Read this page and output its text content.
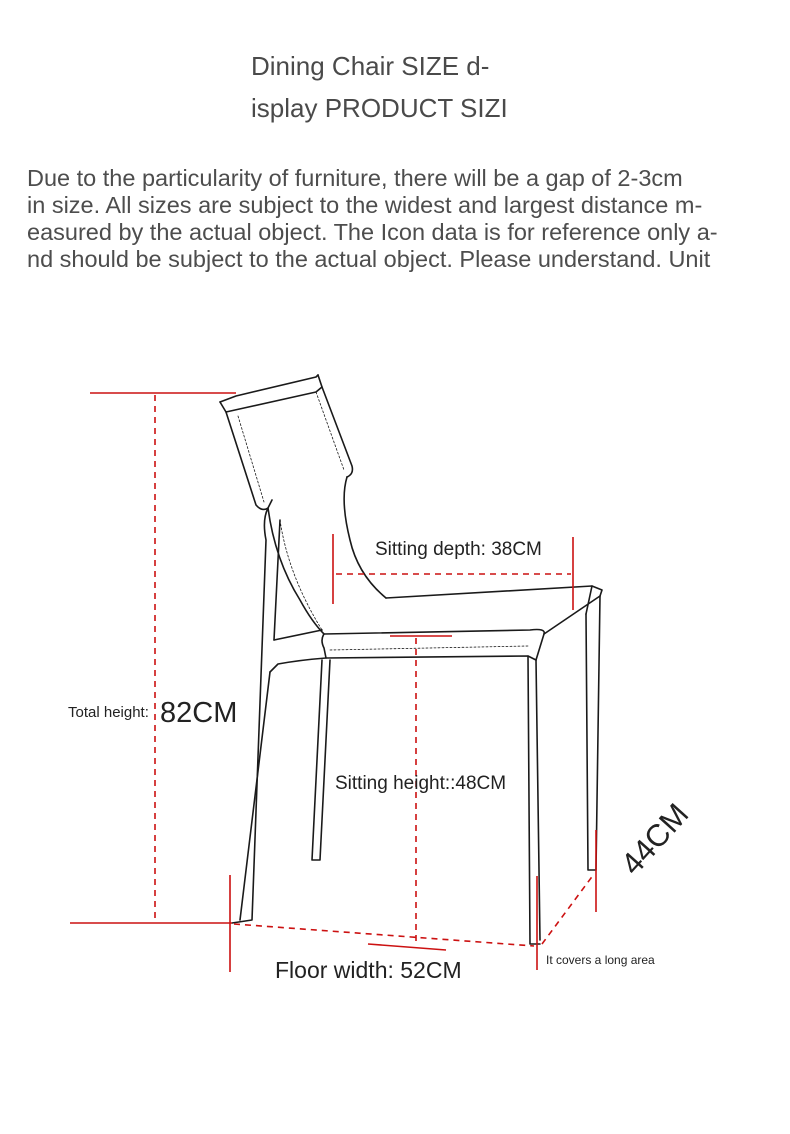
Dining Chair SIZE d-
isplay PRODUCT SIZI
Due to the particularity of furniture, there will be a gap of 2-3cm
in size. All sizes are subject to the widest and largest distance m-
easured by the actual object. The Icon data is for reference only a-
nd should be subject to the actual object. Please understand. Unit
Sitting depth: 38CM
Total height: 82CM
Sitting height::48CM
Floor width: 52CM	It covers a long area
44CM
